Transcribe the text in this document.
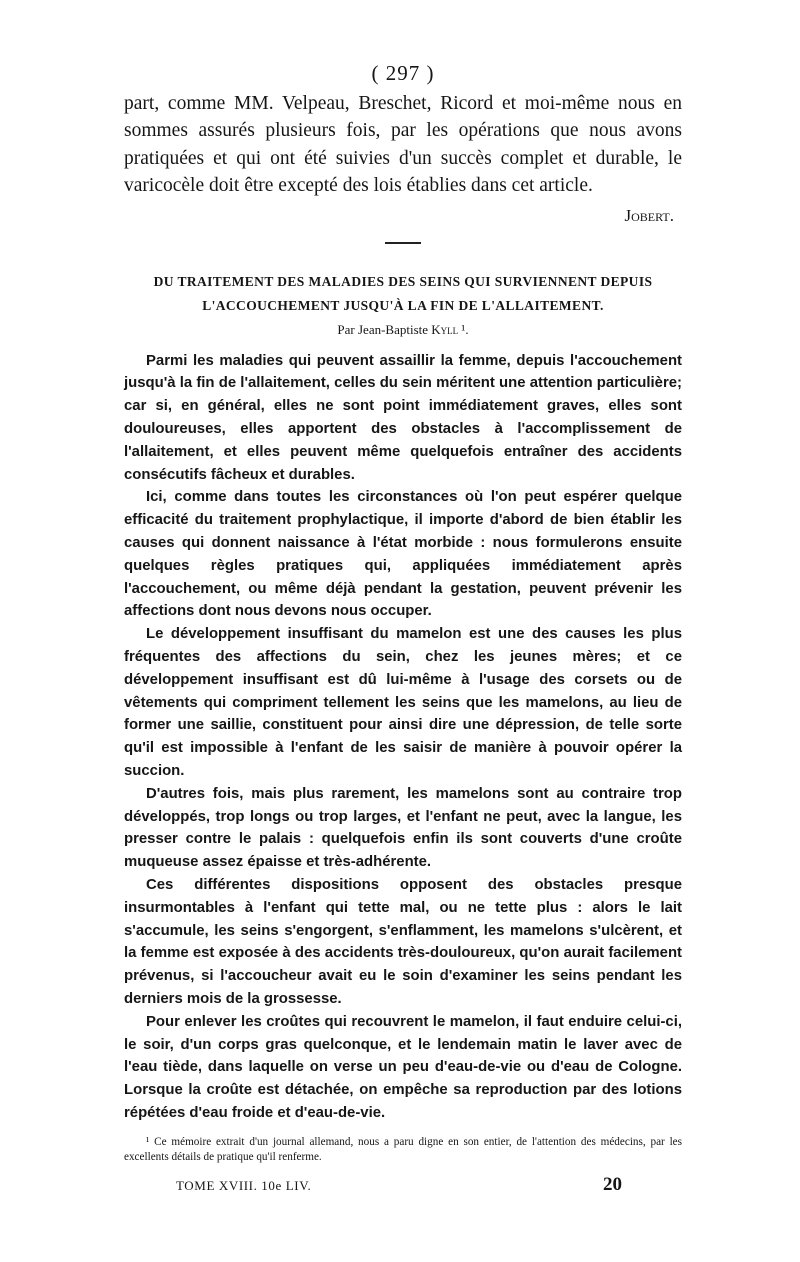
( 297 )

part, comme MM. Velpeau, Breschet, Ricord et moi-même nous en sommes assurés plusieurs fois, par les opérations que nous avons pratiquées et qui ont été suivies d'un succès complet et durable, le varicocèle doit être excepté des lois établies dans cet article.

Jobert.
DU TRAITEMENT DES MALADIES DES SEINS QUI SURVIENNENT DEPUIS
L'ACCOUCHEMENT JUSQU'À LA FIN DE L'ALLAITEMENT.
Par Jean-Baptiste Kyll ¹.

Parmi les maladies qui peuvent assaillir la femme, depuis l'accouchement jusqu'à la fin de l'allaitement, celles du sein méritent une attention particulière; car si, en général, elles ne sont point immédiatement graves, elles sont douloureuses, elles apportent des obstacles à l'accomplissement de l'allaitement, et elles peuvent même quelquefois entraîner des accidents consécutifs fâcheux et durables.

Ici, comme dans toutes les circonstances où l'on peut espérer quelque efficacité du traitement prophylactique, il importe d'abord de bien établir les causes qui donnent naissance à l'état morbide : nous formulerons ensuite quelques règles pratiques qui, appliquées immédiatement après l'accouchement, ou même déjà pendant la gestation, peuvent prévenir les affections dont nous devons nous occuper.

Le développement insuffisant du mamelon est une des causes les plus fréquentes des affections du sein, chez les jeunes mères; et ce développement insuffisant est dû lui-même à l'usage des corsets ou de vêtements qui compriment tellement les seins que les mamelons, au lieu de former une saillie, constituent pour ainsi dire une dépression, de telle sorte qu'il est impossible à l'enfant de les saisir de manière à pouvoir opérer la succion.

D'autres fois, mais plus rarement, les mamelons sont au contraire trop développés, trop longs ou trop larges, et l'enfant ne peut, avec la langue, les presser contre le palais : quelquefois enfin ils sont couverts d'une croûte muqueuse assez épaisse et très-adhérente.

Ces différentes dispositions opposent des obstacles presque insurmontables à l'enfant qui tette mal, ou ne tette plus : alors le lait s'accumule, les seins s'engorgent, s'enflamment, les mamelons s'ulcèrent, et la femme est exposée à des accidents très-douloureux, qu'on aurait facilement prévenus, si l'accoucheur avait eu le soin d'examiner les seins pendant les derniers mois de la grossesse.

Pour enlever les croûtes qui recouvrent le mamelon, il faut enduire celui-ci, le soir, d'un corps gras quelconque, et le lendemain matin le laver avec de l'eau tiède, dans laquelle on verse un peu d'eau-de-vie ou d'eau de Cologne. Lorsque la croûte est détachée, on empêche sa reproduction par des lotions répétées d'eau froide et d'eau-de-vie.

¹ Ce mémoire extrait d'un journal allemand, nous a paru digne en son entier, de l'attention des médecins, par les excellents détails de pratique qu'il renferme.

TOME XVIII. 10e LIV.	20
